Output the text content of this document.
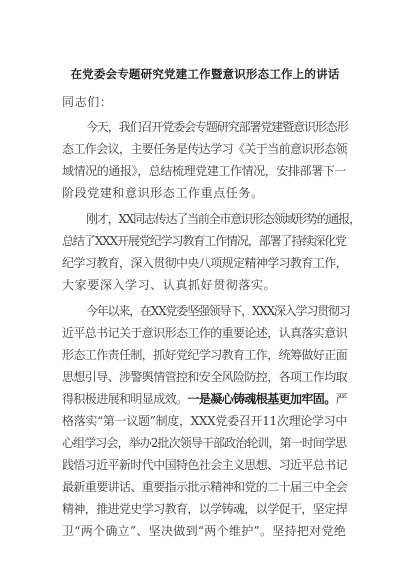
在党委会专题研究党建工作暨意识形态工作上的讲话
同志们：
今天，我们召开党委会专题研究部署党建暨意识形态形
态工作会议，主要任务是传达学习《关于当前意识形态领
域情况的通报》，总结梳理党建工作情况，安排部署下一
阶段党建和意识形态工作重点任务。
刚才，XX同志传达了当前全市意识形态领域形势的通报，
总结了XXX开展党纪学习教育工作情况，部署了持续深化党
纪学习教育，深入贯彻中央八项规定精神学习教育工作，
大家要深入学习、认真抓好贯彻落实。
今年以来，在XX党委坚强领导下，XXX深入学习贯彻习
近平总书记关于意识形态工作的重要论述，认真落实意识
形态工作责任制，抓好党纪学习教育工作，统筹做好正面
思想引导、涉警舆情管控和安全风险防控，各项工作均取
得积极进展和明显成效。一是凝心铸魂根基更加牢固。严
格落实“第一议题”制度，XXX党委召开11次理论学习中
心组学习会，举办2批次领导干部政治轮训，第一时间学思
践悟习近平新时代中国特色社会主义思想、习近平总书记
最新重要讲话、重要指示批示精神和党的二十届三中全会
精神，推进党史学习教育，以学铸魂，以学促干，坚定捍
卫“两个确立”、坚决做到“两个维护”。坚持把对党绝
